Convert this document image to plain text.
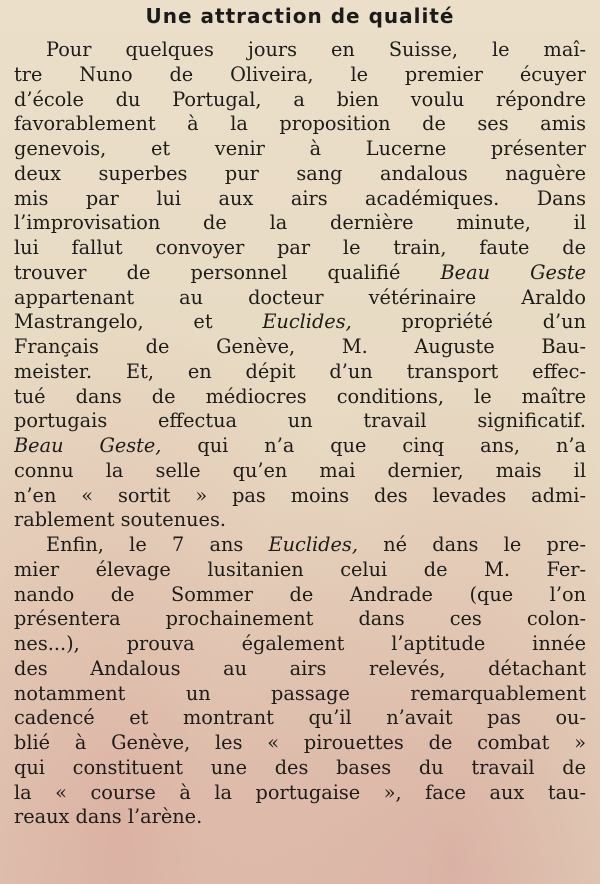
Une attraction de qualité
Pour quelques jours en Suisse, le maî-
tre Nuno de Oliveira, le premier écuyer
d’école du Portugal, a bien voulu répondre
favorablement à la proposition de ses amis
genevois, et venir à Lucerne présenter
deux superbes pur sang andalous naguère
mis par lui aux airs académiques. Dans
l’improvisation de la dernière minute, il
lui fallut convoyer par le train, faute de
trouver de personnel qualifié Beau Geste
appartenant au docteur vétérinaire Araldo
Mastrangelo, et Euclides, propriété d’un
Français de Genève, M. Auguste Bau-
meister. Et, en dépit d’un transport effec-
tué dans de médiocres conditions, le maître
portugais effectua un travail significatif.
Beau Geste, qui n’a que cinq ans, n’a
connu la selle qu’en mai dernier, mais il
n’en « sortit » pas moins des levades admi-
rablement soutenues.
Enfin, le 7 ans Euclides, né dans le pre-
mier élevage lusitanien celui de M. Fer-
nando de Sommer de Andrade (que l’on
présentera prochainement dans ces colon-
nes...), prouva également l’aptitude innée
des Andalous au airs relevés, détachant
notamment un passage remarquablement
cadencé et montrant qu’il n’avait pas ou-
blié à Genève, les « pirouettes de combat »
qui constituent une des bases du travail de
la « course à la portugaise », face aux tau-
reaux dans l’arène.
